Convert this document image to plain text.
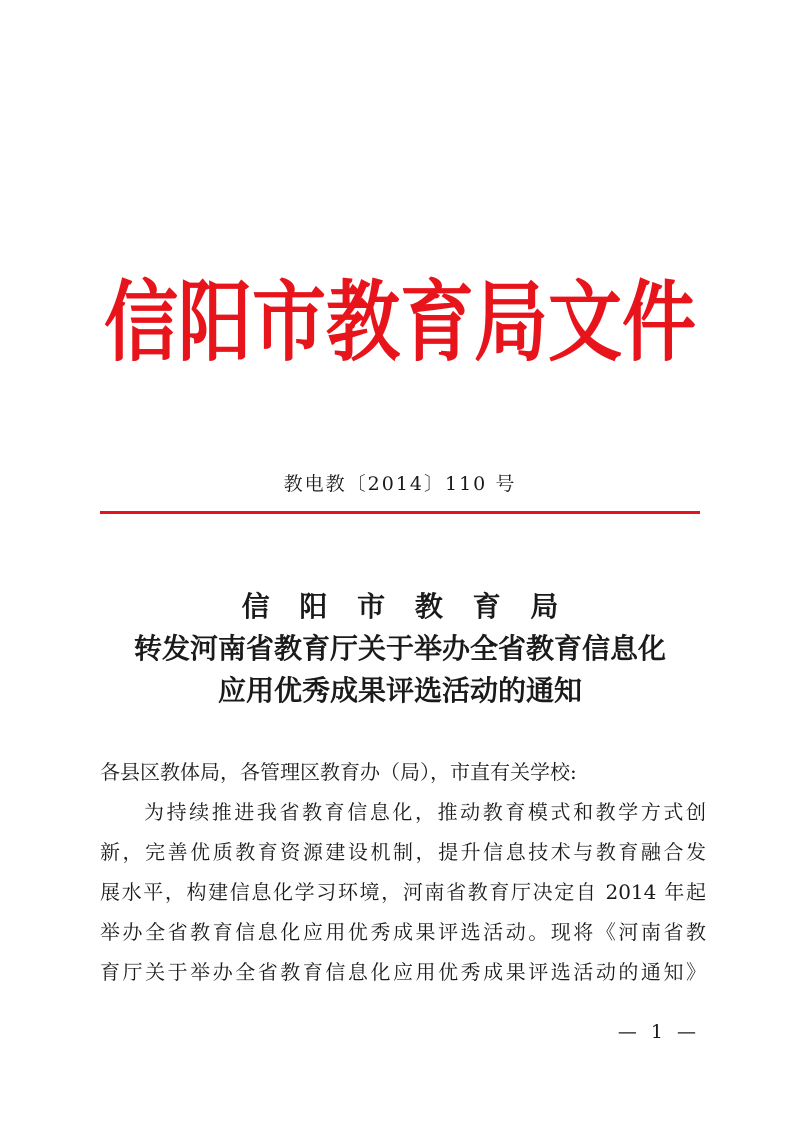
信阳市教育局文件
教电教〔2014〕110 号
信 阳 市 教 育 局
转发河南省教育厅关于举办全省教育信息化
应用优秀成果评选活动的通知
各县区教体局，各管理区教育办（局），市直有关学校:
为持续推进我省教育信息化，推动教育模式和教学方式创
新，完善优质教育资源建设机制，提升信息技术与教育融合发
展水平，构建信息化学习环境，河南省教育厅决定自 2014 年起
举办全省教育信息化应用优秀成果评选活动。现将《河南省教
育厅关于举办全省教育信息化应用优秀成果评选活动的通知》
— 1 —
